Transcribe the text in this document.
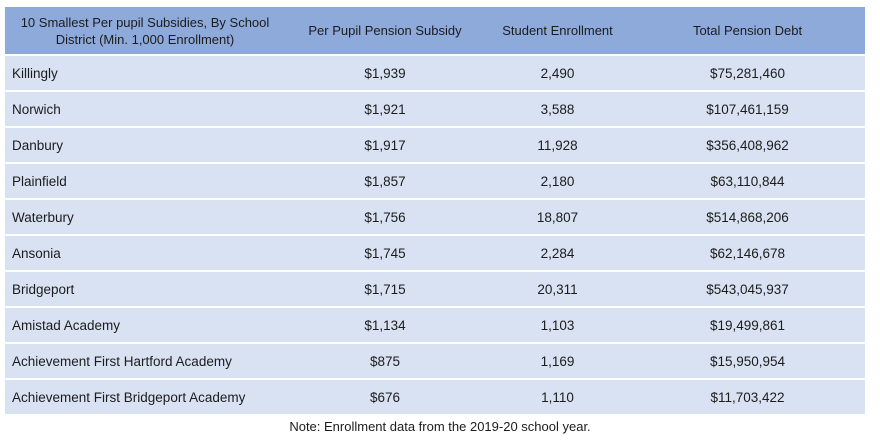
10 Smallest Per pupil Subsidies, By School District (Min. 1,000 Enrollment)	Per Pupil Pension Subsidy	Student Enrollment	Total Pension Debt
Killingly	$1,939	2,490	$75,281,460
Norwich	$1,921	3,588	$107,461,159
Danbury	$1,917	11,928	$356,408,962
Plainfield	$1,857	2,180	$63,110,844
Waterbury	$1,756	18,807	$514,868,206
Ansonia	$1,745	2,284	$62,146,678
Bridgeport	$1,715	20,311	$543,045,937
Amistad Academy	$1,134	1,103	$19,499,861
Achievement First Hartford Academy	$875	1,169	$15,950,954
Achievement First Bridgeport Academy	$676	1,110	$11,703,422
Note: Enrollment data from the 2019-20 school year.
